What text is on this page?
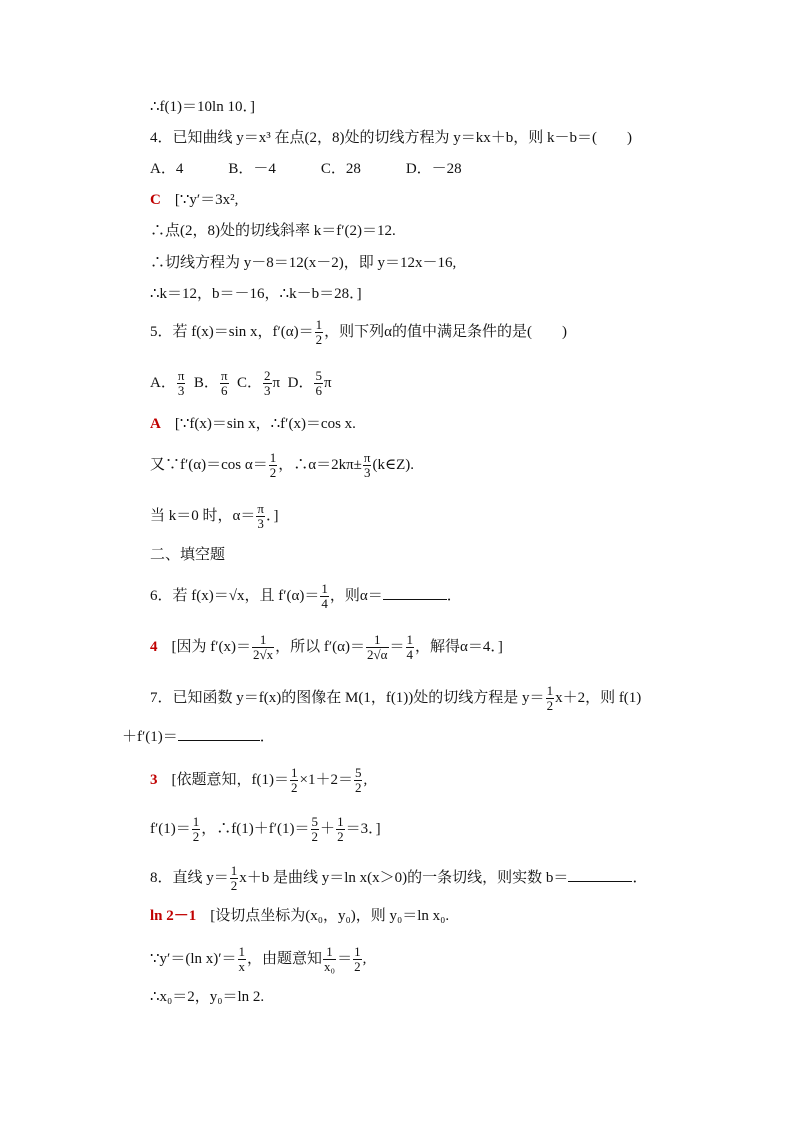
∴f(1)＝10ln 10．]
4．已知曲线 y＝x³ 在点(2，8)处的切线方程为 y＝kx＋b，则 k－b＝(　　)
A．4　　　B．－4　　　C．28　　　D．－28
C [∵y′＝3x²,
∴点(2，8)处的切线斜率 k＝f′(2)＝12.
∴切线方程为 y－8＝12(x－2)，即 y＝12x－16,
∴k＝12，b＝－16，∴k－b＝28．]
5．若 f(x)＝sin x，$f'(\alpha)= \frac{1}{2}$ ，则下列α的值中满足条件的是(　　)
A． $\frac{\pi}{3}$ B． $\frac{\pi}{6}$ C． $\frac{2}{3}$ π D． $\frac{5}{6}$ π
A [∵f(x)＝sin x，∴f′(x)＝cos x.
又∵f′(α)＝cos $\alpha= \frac{1}{2}$ ，∴α＝2kπ± $\frac{\pi}{3}$ (k∈Z).
当 k＝0 时，$\alpha= \frac{\pi}{3}$ ．]
二、填空题
6．若 f(x)＝√x，且 $f'(\alpha)= \frac{1}{4}$ ，则α＝	．
4 [因为 $f'(x)= \frac{1}{2√x}$ ，所以 $f'(\alpha)= \frac{1}{2√\alpha} = \frac{1}{4}$ ，解得α＝4．]
7．已知函数 y＝f(x)的图像在 M(1，f(1))处的切线方程是 $y= \frac{1}{2} x+2$，则 f(1)
＋f′(1)＝	．
3 [依题意知，$f(1)= \frac{1}{2} \times 1+2= \frac{5}{2}$ ,
$f'(1)= \frac{1}{2}$ ，∴f(1)＋f′(1)＝ $\frac{5}{2} + \frac{1}{2} =3$．]
8．直线 $y= \frac{1}{2} x+b$ 是曲线 y＝ln x(x＞0)的一条切线，则实数 b＝	．
ln 2－1 [设切点坐标为(x₀，y₀)，则 y₀＝ln x₀.
∵y′＝(ln $x)'= \frac{1}{x}$ ，由题意知 $\frac{1}{\text{x₀}} = \frac{1}{2}$ ,
∴x₀＝2，y₀＝ln 2.
